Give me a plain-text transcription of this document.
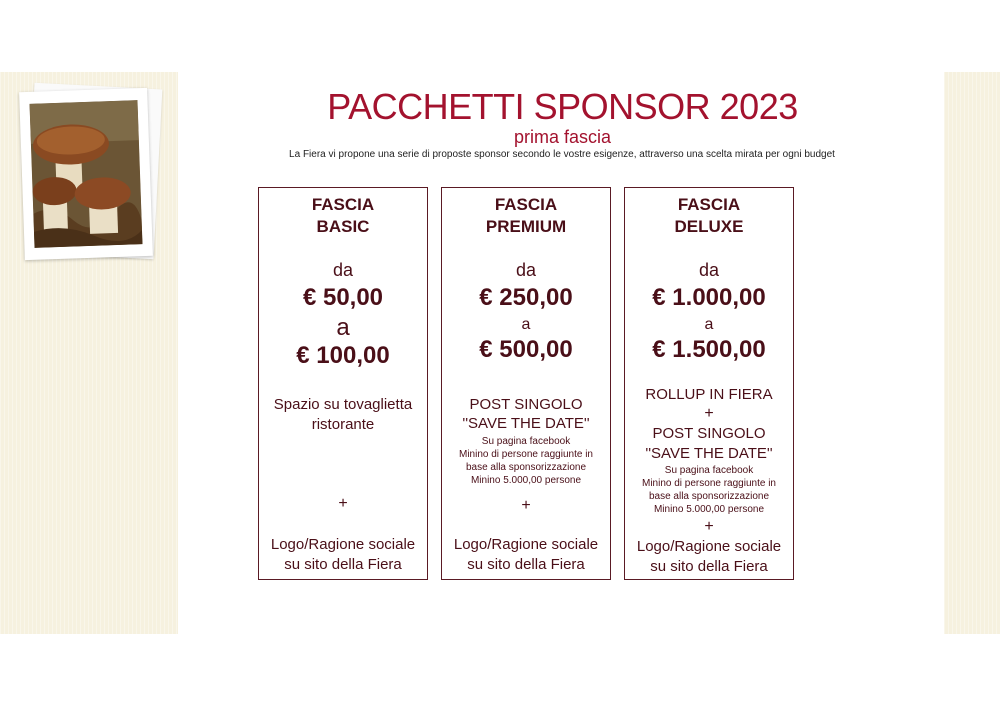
PACCHETTI SPONSOR 2023
prima fascia
La Fiera vi propone una serie di proposte sponsor secondo le vostre esigenze, attraverso una scelta mirata per ogni budget
FASCIA
BASIC
da
€ 50,00
a
€ 100,00
Spazio su tovaglietta
ristorante
+
Logo/Ragione sociale
su sito della Fiera
FASCIA
PREMIUM
da
€ 250,00
a
€ 500,00
POST SINGOLO
''SAVE THE DATE''
Su pagina facebook
Minino di persone raggiunte in
base alla sponsorizzazione
Minino 5.000,00 persone
+
Logo/Ragione sociale
su sito della Fiera
FASCIA
DELUXE
da
€ 1.000,00
a
€ 1.500,00
ROLLUP IN FIERA
+
POST SINGOLO
''SAVE THE DATE''
Su pagina facebook
Minino di persone raggiunte in
base alla sponsorizzazione
Minino 5.000,00 persone
+
Logo/Ragione sociale
su sito della Fiera
